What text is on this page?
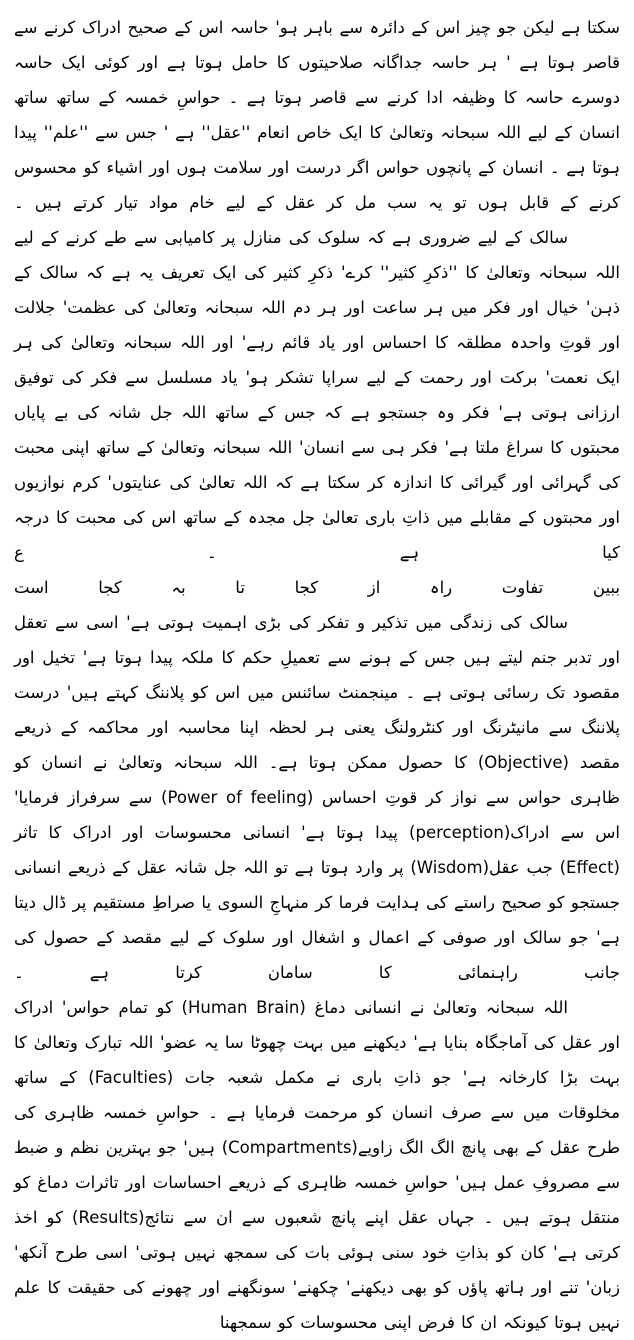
سکتا ہے لیکن جو چیز اس کے دائرہ سے باہر ہو' حاسہ اس کے صحیح ادراک کرنے سے قاصر ہوتا ہے ' ہر حاسہ جداگانہ صلاحیتوں کا حامل ہوتا ہے اور کوئی ایک حاسہ دوسرے حاسہ کا وظیفہ ادا کرنے سے قاصر ہوتا ہے ۔ حواسِ خمسہ کے ساتھ ساتھ انسان کے لیے اللہ سبحانہ وتعالیٰ کا ایک خاص انعام ''عقل'' ہے ' جس سے ''علم'' پیدا ہوتا ہے ۔ انسان کے پانچوں حواس اگر درست اور سلامت ہوں اور اشیاء کو محسوس کرنے کے قابل ہوں تو یہ سب مل کر عقل کے لیے خام مواد تیار کرتے ہیں ۔

سالک کے لیے ضروری ہے کہ سلوک کی منازل پر کامیابی سے طے کرنے کے لیے اللہ سبحانہ وتعالیٰ کا ''ذکرِ کثیر'' کرے' ذکرِ کثیر کی ایک تعریف یہ ہے کہ سالک کے ذہن' خیال اور فکر میں ہر ساعت اور ہر دم اللہ سبحانہ وتعالیٰ کی عظمت' جلالت اور قوتِ واحدہ مطلقہ کا احساس اور یاد قائم رہے' اور اللہ سبحانہ وتعالیٰ کی ہر ایک نعمت' برکت اور رحمت کے لیے سراپا تشکر ہو' یاد مسلسل سے فکر کی توفیق ارزانی ہوتی ہے' فکر وہ جستجو ہے کہ جس کے ساتھ اللہ جل شانہ کی بے پایاں محبتوں کا سراغ ملتا ہے' فکر ہی سے انسان' اللہ سبحانہ وتعالیٰ کے ساتھ اپنی محبت کی گہرائی اور گیرائی کا اندازہ کر سکتا ہے کہ اللہ تعالیٰ کی عنایتوں' کرم نوازیوں اور محبتوں کے مقابلے میں ذاتِ باری تعالیٰ جل مجدہ کے ساتھ اس کی محبت کا درجہ کیا ہے ۔ ع

ببین تفاوت راہ از کجا تا بہ کجا است

سالک کی زندگی میں تذکیر و تفکر کی بڑی اہمیت ہوتی ہے' اسی سے تعقل اور تدبر جنم لیتے ہیں جس کے ہونے سے تعمیلِ حکم کا ملکہ پیدا ہوتا ہے' تخیل اور مقصود تک رسائی ہوتی ہے ۔ مینجمنٹ سائنس میں اس کو پلاننگ کہتے ہیں' درست پلاننگ سے مانیٹرنگ اور کنٹرولنگ یعنی ہر لحظہ اپنا محاسبہ اور محاکمہ کے ذریعے مقصد (Objective) کا حصول ممکن ہوتا ہے۔ اللہ سبحانہ وتعالیٰ نے انسان کو ظاہری حواس سے نواز کر قوتِ احساس (Power of feeling) سے سرفراز فرمایا' اس سے ادراک(perception) پیدا ہوتا ہے' انسانی محسوسات اور ادراک کا تاثر (Effect) جب عقل(Wisdom) پر وارد ہوتا ہے تو اللہ جل شانہ عقل کے ذریعے انسانی جستجو کو صحیح راستے کی ہدایت فرما کر منہاجِ السوی یا صراطِ مستقیم پر ڈال دیتا ہے' جو سالک اور صوفی کے اعمال و اشغال اور سلوک کے لیے مقصد کے حصول کی جانب راہنمائی کا سامان کرتا ہے ۔

اللہ سبحانہ وتعالیٰ نے انسانی دماغ (Human Brain) کو تمام حواس' ادراک اور عقل کی آماجگاہ بنایا ہے' دیکھنے میں بہت چھوٹا سا یہ عضو' اللہ تبارک وتعالیٰ کا بہت بڑا کارخانہ ہے' جو ذاتِ باری نے مکمل شعبہ جات (Faculties) کے ساتھ مخلوقات میں سے صرف انسان کو مرحمت فرمایا ہے ۔ حواسِ خمسہ ظاہری کی طرح عقل کے بھی پانچ الگ الگ زاویے(Compartments) ہیں' جو بہترین نظم و ضبط سے مصروفِ عمل ہیں' حواسِ خمسہ ظاہری کے ذریعے احساسات اور تاثرات دماغ کو منتقل ہوتے ہیں ۔ جہاں عقل اپنے پانچ شعبوں سے ان سے نتائج(Results) کو اخذ کرتی ہے' کان کو بذاتِ خود سنی ہوئی بات کی سمجھ نہیں ہوتی' اسی طرح آنکھ' زبان' تنے اور ہاتھ پاؤں کو بھی دیکھنے' چکھنے' سونگھنے اور چھونے کی حقیقت کا علم نہیں ہوتا کیونکہ ان کا فرض اپنی محسوسات کو سمجھنا
